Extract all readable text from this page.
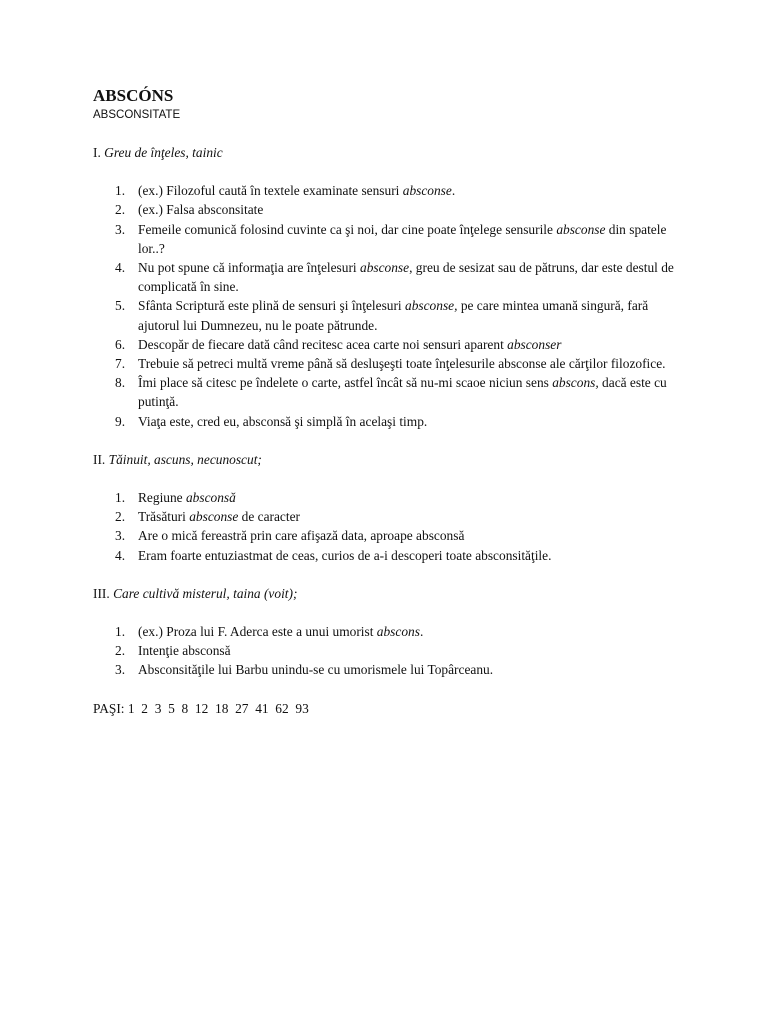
ABSCÓNS
ABSCONSITATE

I. Greu de înţeles, tainic

1. (ex.) Filozoful caută în textele examinate sensuri absconse.
2. (ex.) Falsa absconsitate
3. Femeile comunică folosind cuvinte ca şi noi, dar cine poate înţelege sensurile absconse din spatele lor..?
4. Nu pot spune că informaţia are înţelesuri absconse, greu de sesizat sau de pătruns, dar este destul de complicată în sine.
5. Sfânta Scriptură este plină de sensuri şi înţelesuri absconse, pe care mintea umană singură, fară ajutorul lui Dumnezeu, nu le poate pătrunde.
6. Descopăr de fiecare dată când recitesc acea carte noi sensuri aparent absconser
7. Trebuie să petreci multă vreme până să desluşeşti toate înţelesurile absconse ale cărţilor filozofice.
8. Îmi place să citesc pe îndelete o carte, astfel încât să nu-mi scaoe niciun sens abscons, dacă este cu putinţă.
9. Viaţa este, cred eu, absconsă şi simplă în acelaşi timp.

II. Tăinuit, ascuns, necunoscut;

1. Regiune absconsă
2. Trăsături absconse de caracter
3. Are o mică fereastră prin care afişază data, aproape absconsă
4. Eram foarte entuziastmat de ceas, curios de a-i descoperi toate absconsităţile.

III. Care cultivă misterul, taina (voit);

1. (ex.) Proza lui F. Aderca este a unui umorist abscons.
2. Intenţie absconsă
3. Absconsităţile lui Barbu unindu-se cu umorismele lui Topârceanu.
PAŞI: 1 2 3 5 8 12 18 27 41 62 93
